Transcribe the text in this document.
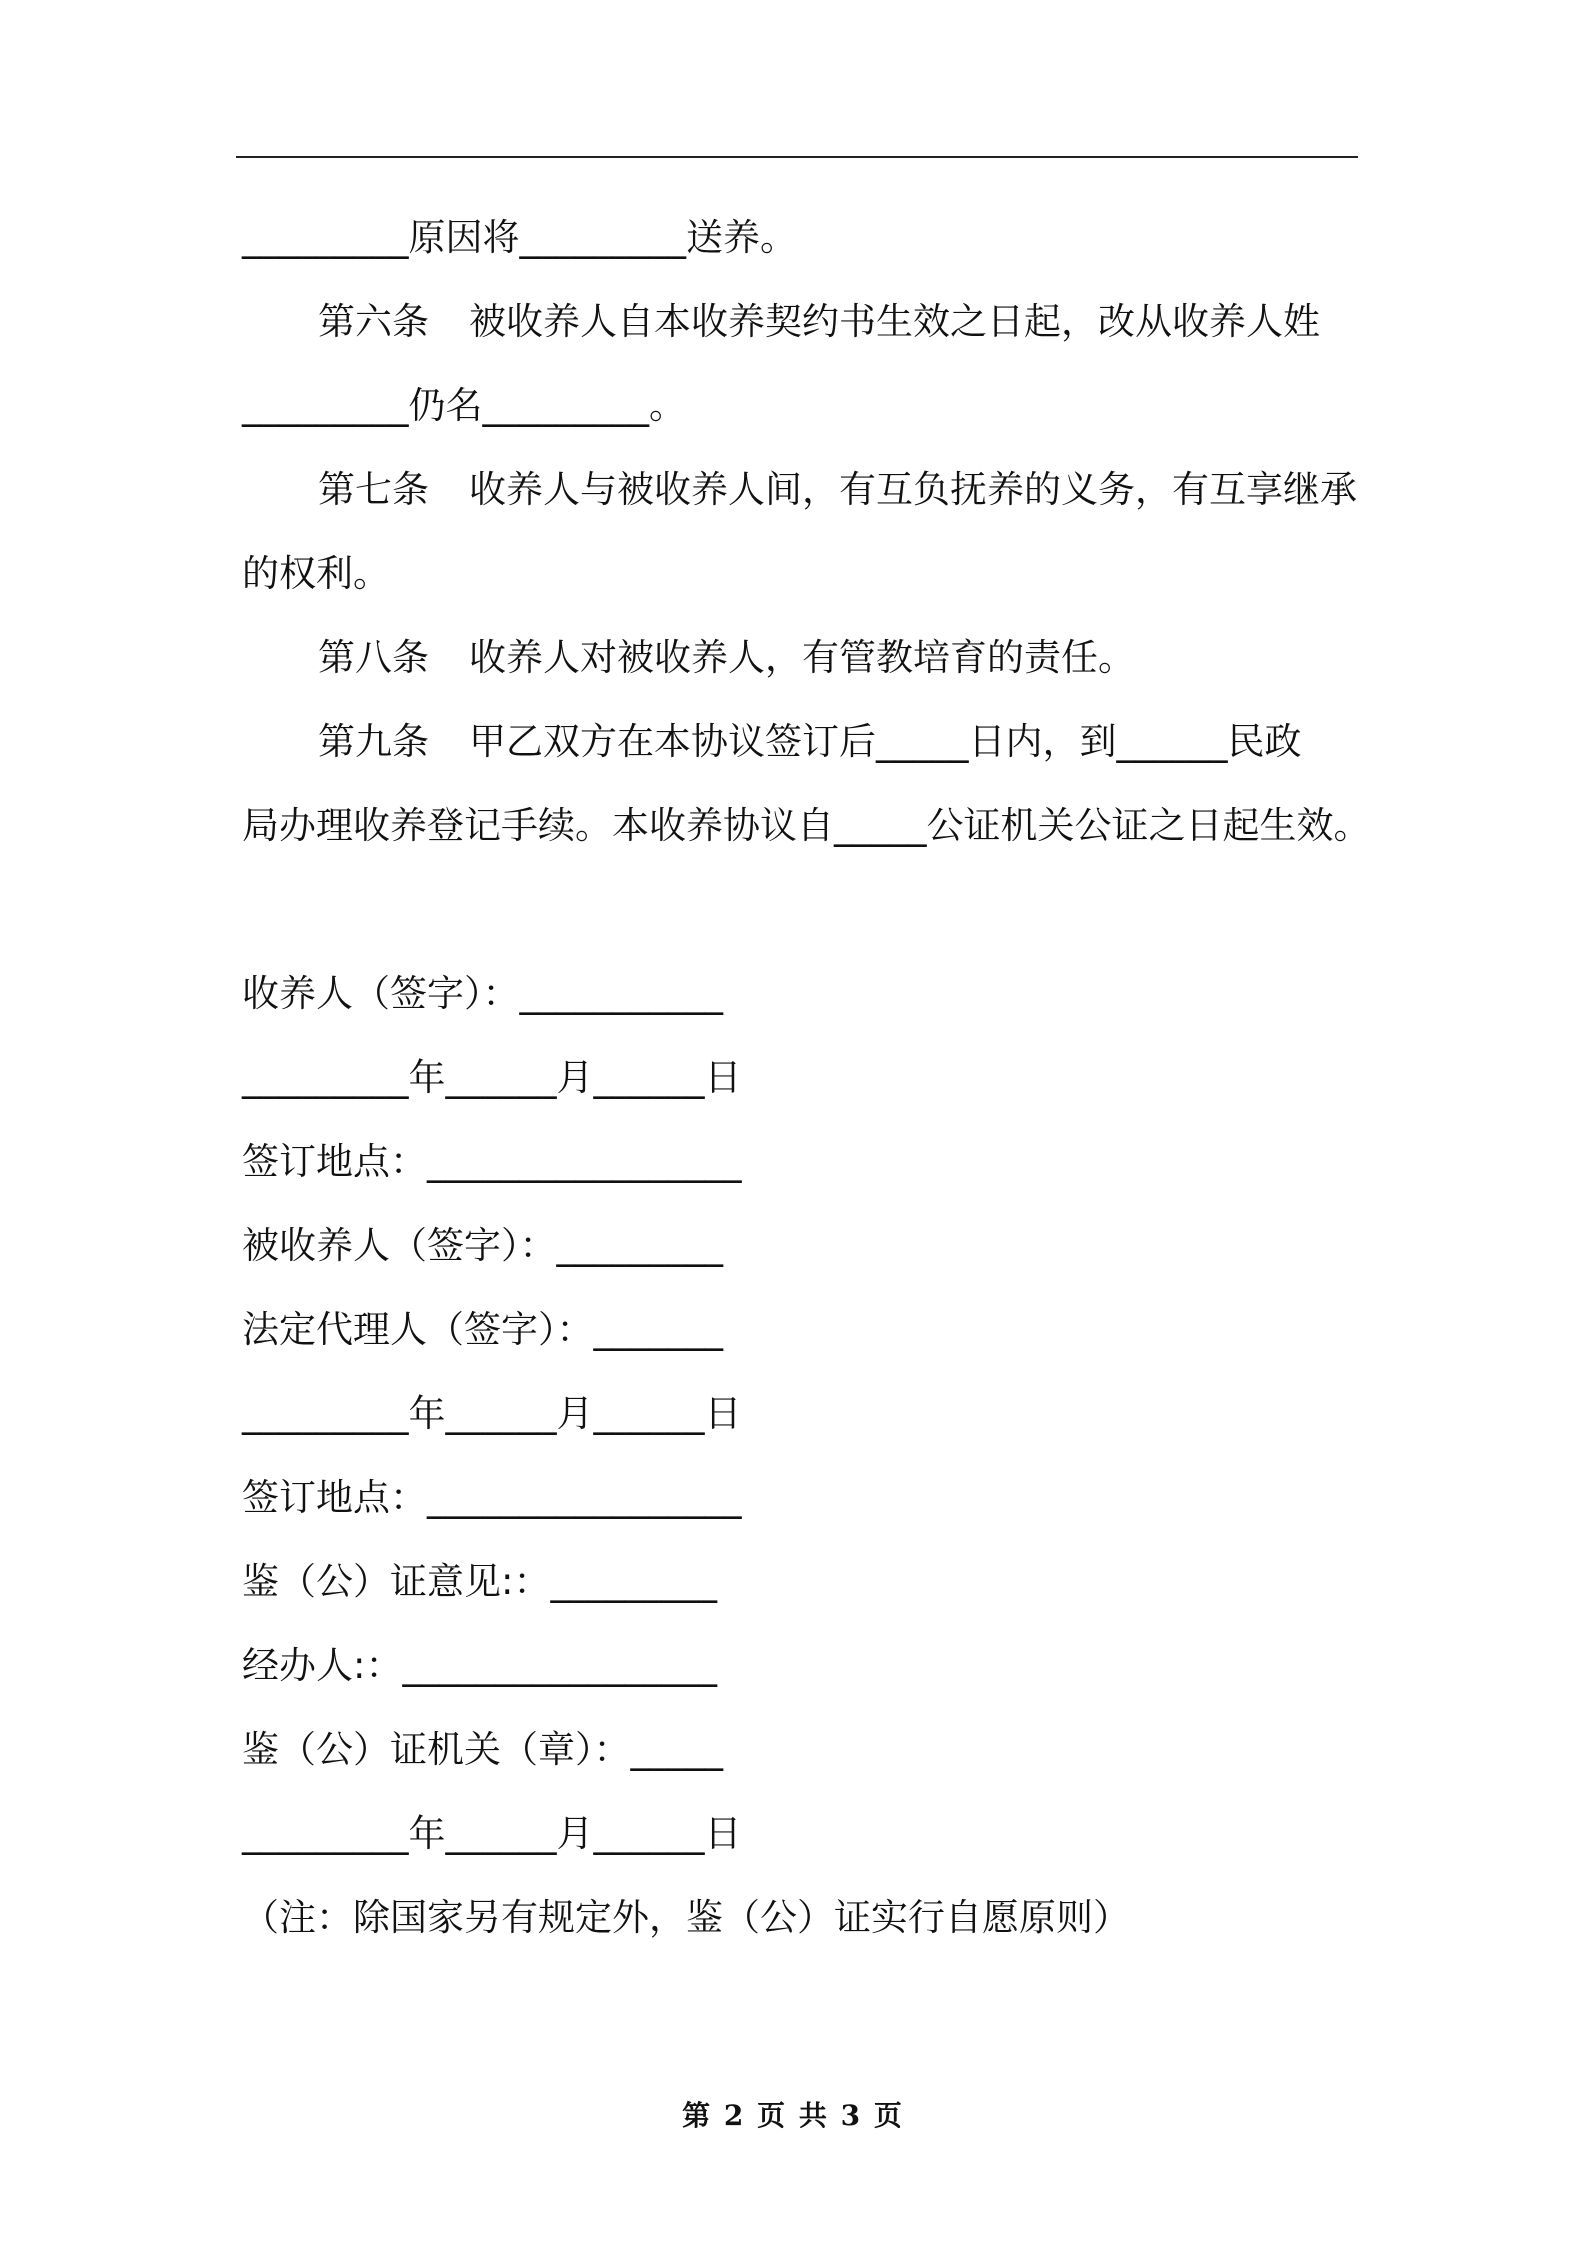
_________原因将_________送养。
第六条 被收养人自本收养契约书生效之日起，改从收养人姓
_________仍名_________。
第七条 收养人与被收养人间，有互负抚养的义务，有互享继承
的权利。
第八条 收养人对被收养人，有管教培育的责任。
第九条 甲乙双方在本协议签订后_____日内，到______民政
局办理收养登记手续。本收养协议自_____公证机关公证之日起生效。
收养人（签字）：___________
_________年______月______日
签订地点：_________________
被收养人（签字）：_________
法定代理人（签字）：_______
_________年______月______日
签订地点：_________________
鉴（公）证意见:：_________
经办人:：_________________
鉴（公）证机关（章）：_____
_________年______月______日
（注：除国家另有规定外，鉴（公）证实行自愿原则）
第 2 页 共 3 页
